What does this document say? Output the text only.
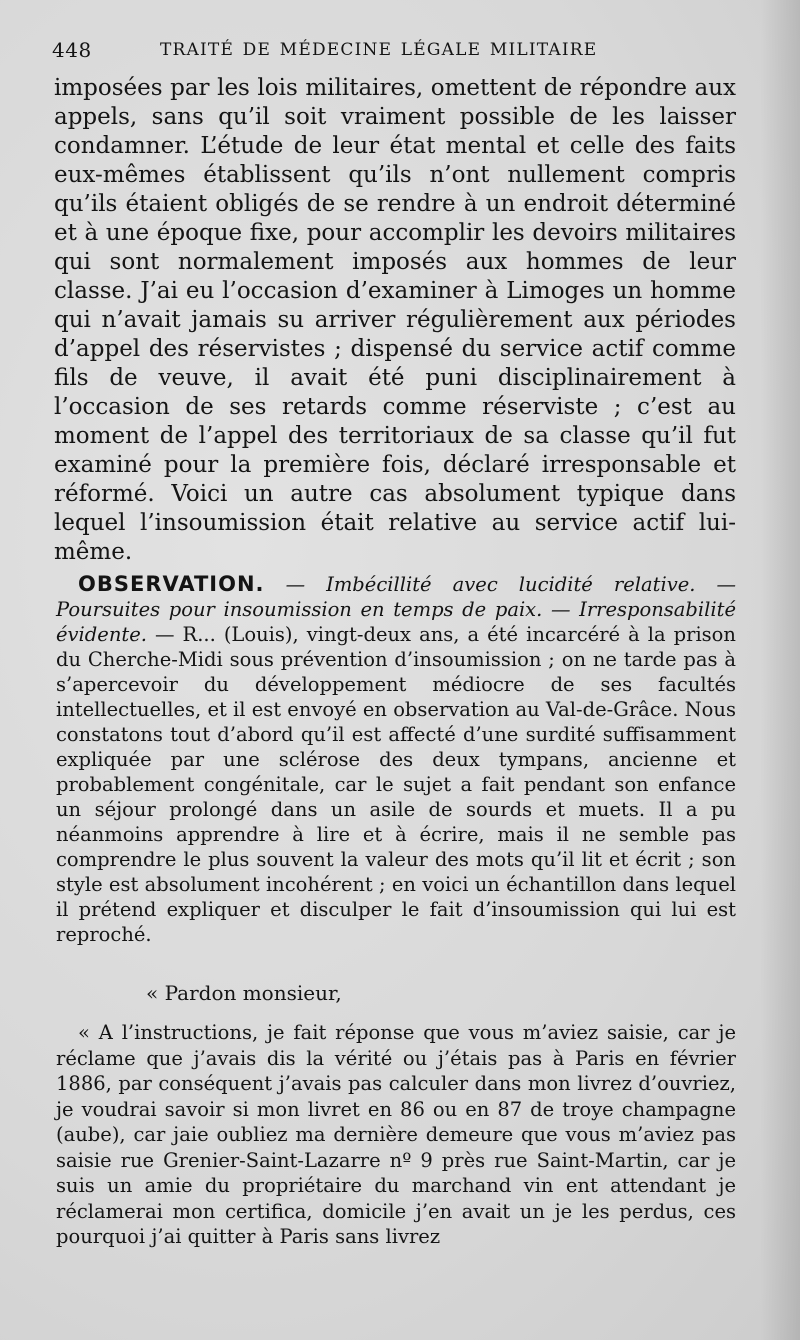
448	TRAITÉ DE MÉDECINE LÉGALE MILITAIRE

imposées par les lois militaires, omettent de répondre aux appels, sans qu’il soit vraiment possible de les laisser condamner. L’étude de leur état mental et celle des faits eux-mêmes établissent qu’ils n’ont nullement compris qu’ils étaient obligés de se rendre à un endroit déterminé et à une époque fixe, pour accomplir les devoirs militaires qui sont normalement imposés aux hommes de leur classe. J’ai eu l’occasion d’examiner à Limoges un homme qui n’avait jamais su arriver régulièrement aux périodes d’appel des réservistes ; dispensé du service actif comme fils de veuve, il avait été puni disciplinairement à l’occasion de ses retards comme réserviste ; c’est au moment de l’appel des territoriaux de sa classe qu’il fut examiné pour la première fois, déclaré irresponsable et réformé. Voici un autre cas absolument typique dans lequel l’insoumission était relative au service actif lui-même.

OBSERVATION. — Imbécillité avec lucidité relative. — Poursuites pour insoumission en temps de paix. — Irresponsabilité évidente. — R... (Louis), vingt-deux ans, a été incarcéré à la prison du Cherche-Midi sous prévention d’insoumission ; on ne tarde pas à s’apercevoir du développement médiocre de ses facultés intellectuelles, et il est envoyé en observation au Val-de-Grâce. Nous constatons tout d’abord qu’il est affecté d’une surdité suffisamment expliquée par une sclérose des deux tympans, ancienne et probablement congénitale, car le sujet a fait pendant son enfance un séjour prolongé dans un asile de sourds et muets. Il a pu néanmoins apprendre à lire et à écrire, mais il ne semble pas comprendre le plus souvent la valeur des mots qu’il lit et écrit ; son style est absolument incohérent ; en voici un échantillon dans lequel il prétend expliquer et disculper le fait d’insoumission qui lui est reproché.

« Pardon monsieur,

« A l’instructions, je fait réponse que vous m’aviez saisie, car je réclame que j’avais dis la vérité ou j’étais pas à Paris en février 1886, par conséquent j’avais pas calculer dans mon livrez d’ouvriez, je voudrai savoir si mon livret en 86 ou en 87 de troye champagne (aube), car jaie oubliez ma dernière demeure que vous m’aviez pas saisie rue Grenier-Saint-Lazarre nº 9 près rue Saint-Martin, car je suis un amie du propriétaire du marchand vin ent attendant je réclamerai mon certifica, domicile j’en avait un je les perdus, ces pourquoi j’ai quitter à Paris sans livrez
